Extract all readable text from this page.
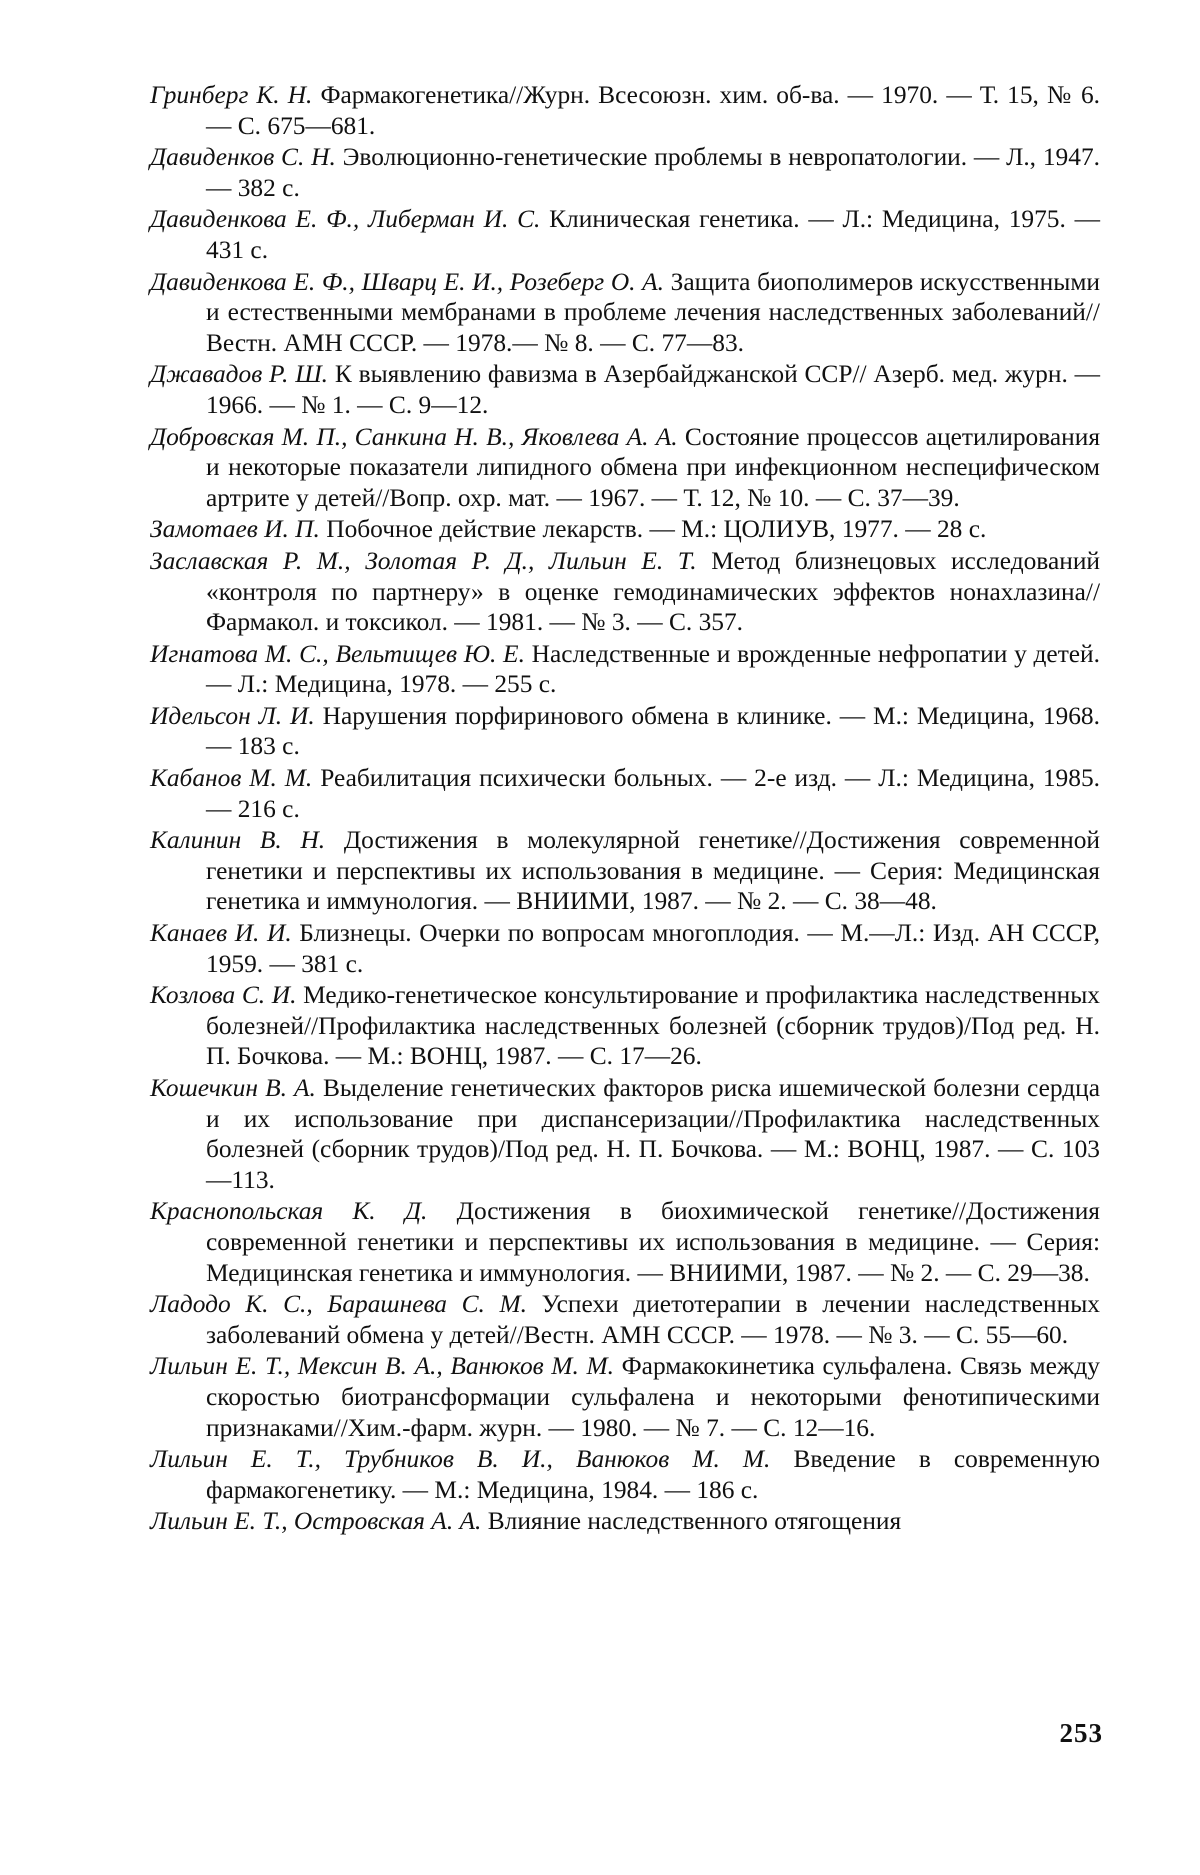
Гринберг К. Н. Фармакогенетика//Журн. Всесоюзн. хим. об-ва. — 1970. — Т. 15, № 6. — С. 675—681.

Давиденков С. Н. Эволюционно-генетические проблемы в невропатологии. — Л., 1947. — 382 с.

Давиденкова Е. Ф., Либерман И. С. Клиническая генетика. — Л.: Медицина, 1975. — 431 с.

Давиденкова Е. Ф., Шварц Е. И., Розеберг О. А. Защита биополимеров искусственными и естественными мембранами в проблеме лечения наследственных заболеваний//Вестн. АМН СССР. — 1978.— № 8. — С. 77—83.

Джавадов Р. Ш. К выявлению фавизма в Азербайджанской ССР// Азерб. мед. журн. — 1966. — № 1. — С. 9—12.

Добровская М. П., Санкина Н. В., Яковлева А. А. Состояние процессов ацетилирования и некоторые показатели липидного обмена при инфекционном неспецифическом артрите у детей//Вопр. охр. мат. — 1967. — Т. 12, № 10. — С. 37—39.

Замотаев И. П. Побочное действие лекарств. — М.: ЦОЛИУВ, 1977. — 28 с.

Заславская Р. М., Золотая Р. Д., Лильин Е. Т. Метод близнецовых исследований «контроля по партнеру» в оценке гемодинамических эффектов нонахлазина//Фармакол. и токсикол. — 1981. — № 3. — С. 357.

Игнатова М. С., Вельтищев Ю. Е. Наследственные и врожденные нефропатии у детей. — Л.: Медицина, 1978. — 255 с.

Идельсон Л. И. Нарушения порфиринового обмена в клинике. — М.: Медицина, 1968. — 183 с.

Кабанов М. М. Реабилитация психически больных. — 2-е изд. — Л.: Медицина, 1985. — 216 с.

Калинин В. Н. Достижения в молекулярной генетике//Достижения современной генетики и перспективы их использования в медицине. — Серия: Медицинская генетика и иммунология. — ВНИИМИ, 1987. — № 2. — С. 38—48.

Канаев И. И. Близнецы. Очерки по вопросам многоплодия. — М.—Л.: Изд. АН СССР, 1959. — 381 с.

Козлова С. И. Медико-генетическое консультирование и профилактика наследственных болезней//Профилактика наследственных болезней (сборник трудов)/Под ред. Н. П. Бочкова. — М.: ВОНЦ, 1987. — С. 17—26.

Кошечкин В. А. Выделение генетических факторов риска ишемической болезни сердца и их использование при диспансеризации//Профилактика наследственных болезней (сборник трудов)/Под ред. Н. П. Бочкова. — М.: ВОНЦ, 1987. — С. 103—113.

Краснопольская К. Д. Достижения в биохимической генетике//Достижения современной генетики и перспективы их использования в медицине. — Серия: Медицинская генетика и иммунология. — ВНИИМИ, 1987. — № 2. — С. 29—38.

Ладодо К. С., Барашнева С. М. Успехи диетотерапии в лечении наследственных заболеваний обмена у детей//Вестн. АМН СССР. — 1978. — № 3. — С. 55—60.

Лильин Е. Т., Мексин В. А., Ванюков М. М. Фармакокинетика сульфалена. Связь между скоростью биотрансформации сульфалена и некоторыми фенотипическими признаками//Хим.-фарм. журн. — 1980. — № 7. — С. 12—16.

Лильин Е. Т., Трубников В. И., Ванюков М. М. Введение в современную фармакогенетику. — М.: Медицина, 1984. — 186 с.

Лильин Е. Т., Островская А. А. Влияние наследственного отягощения

253
